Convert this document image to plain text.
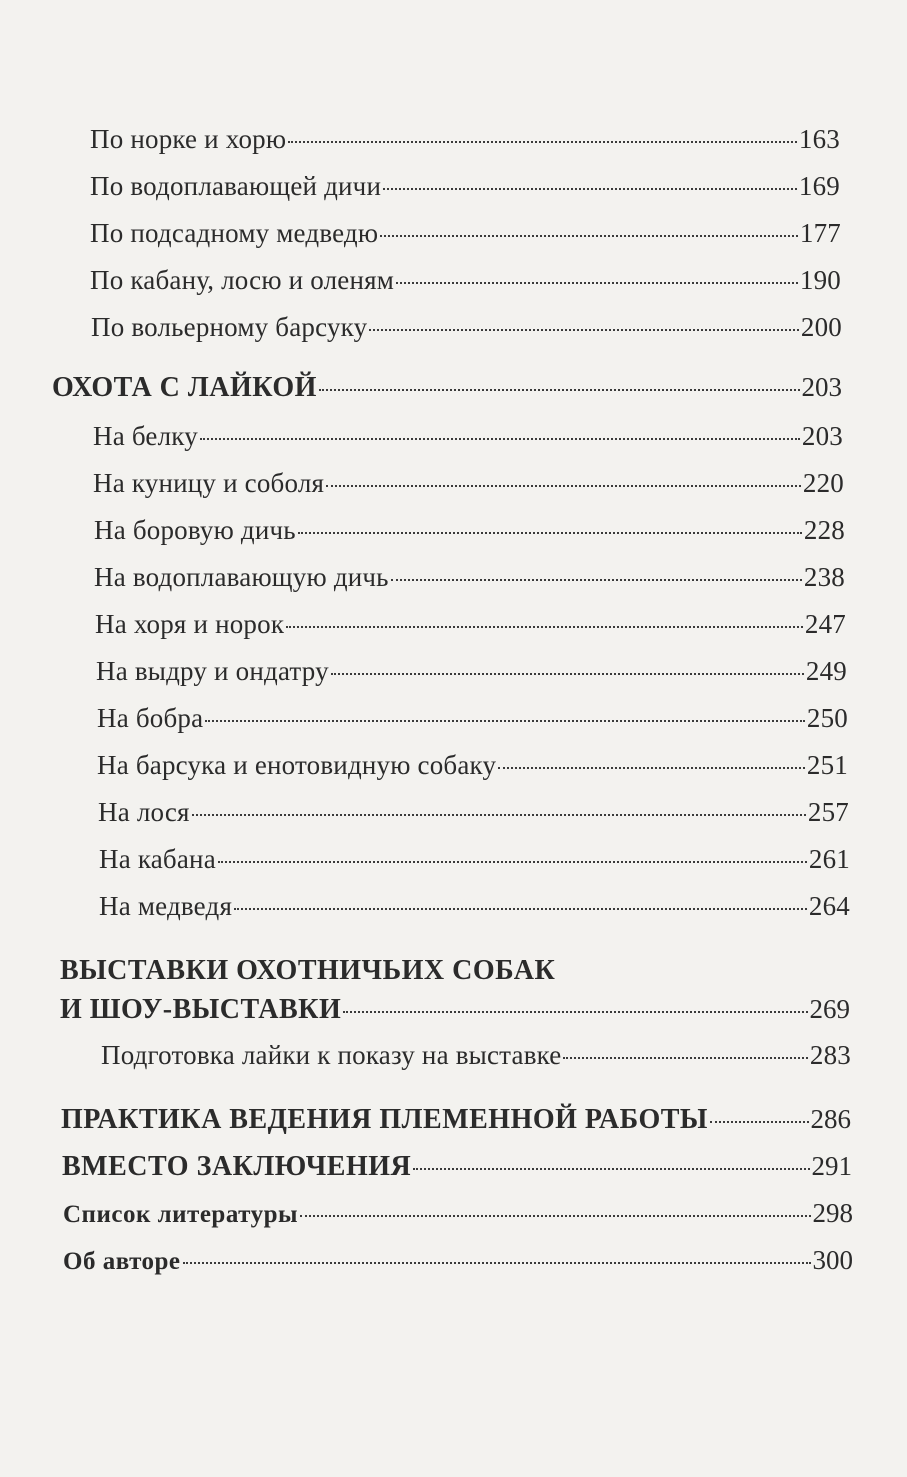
По норке и хорю	163
По водоплавающей дичи	169
По подсадному медведю	177
По кабану, лосю и оленям	190
По вольерному барсуку	200
ОХОТА С ЛАЙКОЙ	203
На белку	203
На куницу и соболя	220
На боровую дичь	228
На водоплавающую дичь	238
На хоря и норок	247
На выдру и ондатру	249
На бобра	250
На барсука и енотовидную собаку	251
На лося	257
На кабана	261
На медведя	264
ВЫСТАВКИ ОХОТНИЧЬИХ СОБАК
И ШОУ-ВЫСТАВКИ	269
Подготовка лайки к показу на выставке	283
ПРАКТИКА ВЕДЕНИЯ ПЛЕМЕННОЙ РАБОТЫ	286
ВМЕСТО ЗАКЛЮЧЕНИЯ	291
Список литературы	298
Об авторе	300
